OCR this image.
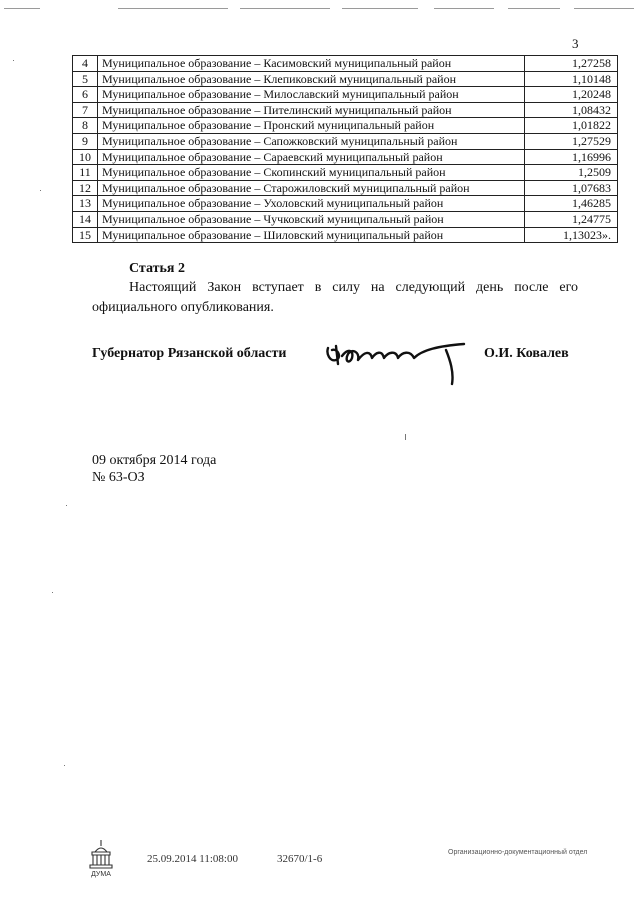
3
4	Муниципальное образование – Касимовский муниципальный район	1,27258
5	Муниципальное образование – Клепиковский муниципальный район	1,10148
6	Муниципальное образование – Милославский муниципальный район	1,20248
7	Муниципальное образование – Пителинский муниципальный район	1,08432
8	Муниципальное образование – Пронский муниципальный район	1,01822
9	Муниципальное образование – Сапожковский муниципальный район	1,27529
10	Муниципальное образование – Сараевский муниципальный район	1,16996
11	Муниципальное образование – Скопинский муниципальный район	1,2509
12	Муниципальное образование – Старожиловский муниципальный район	1,07683
13	Муниципальное образование – Ухоловский муниципальный район	1,46285
14	Муниципальное образование – Чучковский муниципальный район	1,24775
15	Муниципальное образование – Шиловский муниципальный район	1,13023».
Статья 2
Настоящий Закон вступает в силу на следующий день после его официального опубликования.
Губернатор Рязанской области	О.И. Ковалев
09 октября 2014 года
№ 63-ОЗ
ДУМА
25.09.2014 11:08:00	32670/1-6
Организационно-документационный отдел
